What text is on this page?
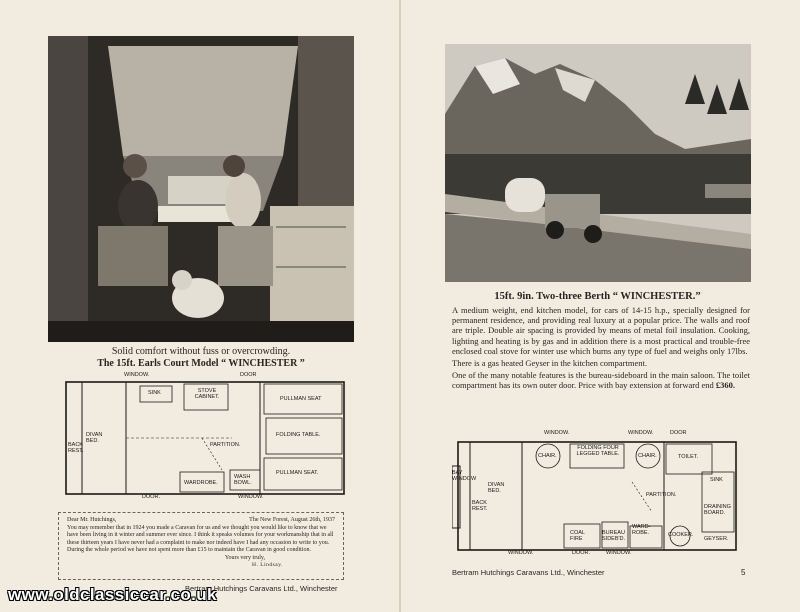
Solid comfort without fuss or overcrowding.
The 15ft. Earls Court Model “ WINCHESTER ”
WINDOW.	DOOR
SINK	STOVE CABINET.	PULLMAN SEAT
DIVAN BED.
BACK REST.
PARTITION.
FOLDING TABLE.
PULLMAN SEAT.
WARDROBE.
WASH BOWL.
DOOR.	WINDOW.
Dear Mr. Hutchings,	The New Forest, August 26th, 1937
You may remember that in 1924 you made a Caravan for us and we thought you would like to know that we have been living in it winter and summer ever since. I think it speaks volumes for your workmanship that in all these thirteen years I have never had a complaint to make nor indeed have I had any occasion to write to you. During the whole period we have not spent more than £15 to maintain the Caravan in good condition.
Yours very truly,
H. Lindsay.
Bertram Hutchings Caravans Ltd., Winchester
www.oldclassiccar.co.uk
15ft. 9in. Two-three Berth “ WINCHESTER.”

A medium weight, end kitchen model, for cars of 14-15 h.p., specially designed for permanent residence, and providing real luxury at a popular price. The walls and roof are triple. Double air spacing is provided by means of metal foil insulation. Cooking, lighting and heating is by gas and in addition there is a most practical and trouble-free enclosed coal stove for winter use which burns any type of fuel and weighs only 17lbs.

There is a gas heated Geyser in the kitchen compartment.

One of the many notable features is the bureau-sideboard in the main saloon. The toilet compartment has its own outer door. Price with bay extension at forward end £360.

WINDOW.	WINDOW.	DOOR
CHAIR.
FOLDING FOUR LEGGED TABLE.	CHAIR.	TOILET.
BAY WINDOW
DIVAN BED.
BACK REST.
PARTITION.
SINK
DRAINING BOARD.
COAL FIRE
BUREAU SIDEB'D.
WARD- ROBE.	COOKER.
GEYSER.
WINDOW.	DOOR.	WINDOW.
Bertram Hutchings Caravans Ltd., Winchester	5
